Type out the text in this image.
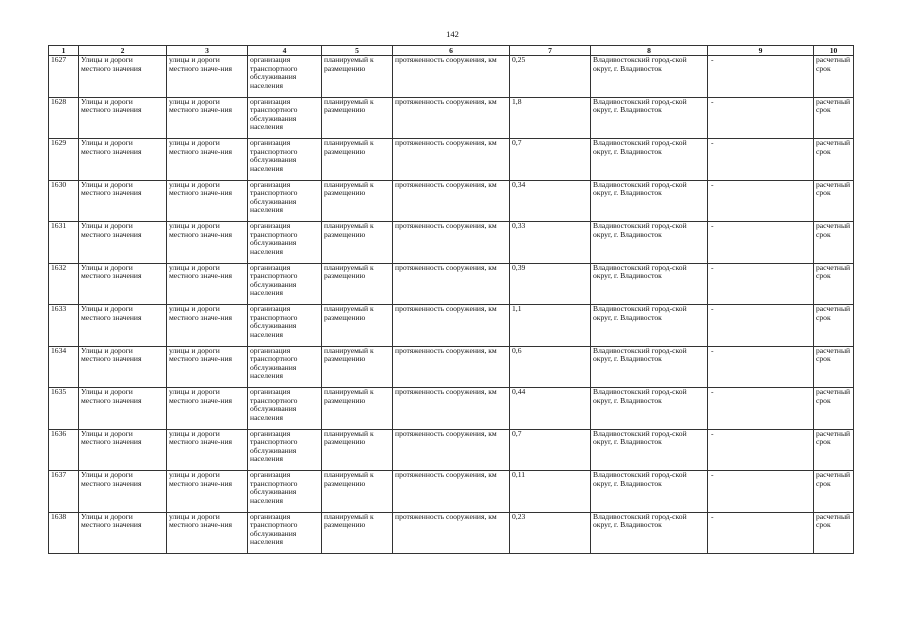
142
1	2	3	4	5	6	7	8	9	10
1627	Улицы и дороги местного значения	улицы и дороги местного значе-ния	организация транспортного обслуживания населения	планируемый к размещению	протяженность сооружения, км	0,25	Владивостокский город-ской округ, г. Владивосток	-	расчетный срок
1628	Улицы и дороги местного значения	улицы и дороги местного значе-ния	организация транспортного обслуживания населения	планируемый к размещению	протяженность сооружения, км	1,8	Владивостокский город-ской округ, г. Владивосток	-	расчетный срок
1629	Улицы и дороги местного значения	улицы и дороги местного значе-ния	организация транспортного обслуживания населения	планируемый к размещению	протяженность сооружения, км	0,7	Владивостокский город-ской округ, г. Владивосток	-	расчетный срок
1630	Улицы и дороги местного значения	улицы и дороги местного значе-ния	организация транспортного обслуживания населения	планируемый к размещению	протяженность сооружения, км	0,34	Владивостокский город-ской округ, г. Владивосток	-	расчетный срок
1631	Улицы и дороги местного значения	улицы и дороги местного значе-ния	организация транспортного обслуживания населения	планируемый к размещению	протяженность сооружения, км	0,33	Владивостокский город-ской округ, г. Владивосток	-	расчетный срок
1632	Улицы и дороги местного значения	улицы и дороги местного значе-ния	организация транспортного обслуживания населения	планируемый к размещению	протяженность сооружения, км	0,39	Владивостокский город-ской округ, г. Владивосток	-	расчетный срок
1633	Улицы и дороги местного значения	улицы и дороги местного значе-ния	организация транспортного обслуживания населения	планируемый к размещению	протяженность сооружения, км	1,1	Владивостокский город-ской округ, г. Владивосток	-	расчетный срок
1634	Улицы и дороги местного значения	улицы и дороги местного значе-ния	организация транспортного обслуживания населения	планируемый к размещению	протяженность сооружения, км	0,6	Владивостокский город-ской округ, г. Владивосток	-	расчетный срок
1635	Улицы и дороги местного значения	улицы и дороги местного значе-ния	организация транспортного обслуживания населения	планируемый к размещению	протяженность сооружения, км	0,44	Владивостокский город-ской округ, г. Владивосток	-	расчетный срок
1636	Улицы и дороги местного значения	улицы и дороги местного значе-ния	организация транспортного обслуживания населения	планируемый к размещению	протяженность сооружения, км	0,7	Владивостокский город-ской округ, г. Владивосток	-	расчетный срок
1637	Улицы и дороги местного значения	улицы и дороги местного значе-ния	организация транспортного обслуживания населения	планируемый к размещению	протяженность сооружения, км	0,11	Владивостокский город-ской округ, г. Владивосток	-	расчетный срок
1638	Улицы и дороги местного значения	улицы и дороги местного значе-ния	организация транспортного обслуживания населения	планируемый к размещению	протяженность сооружения, км	0,23	Владивостокский город-ской округ, г. Владивосток	-	расчетный срок
